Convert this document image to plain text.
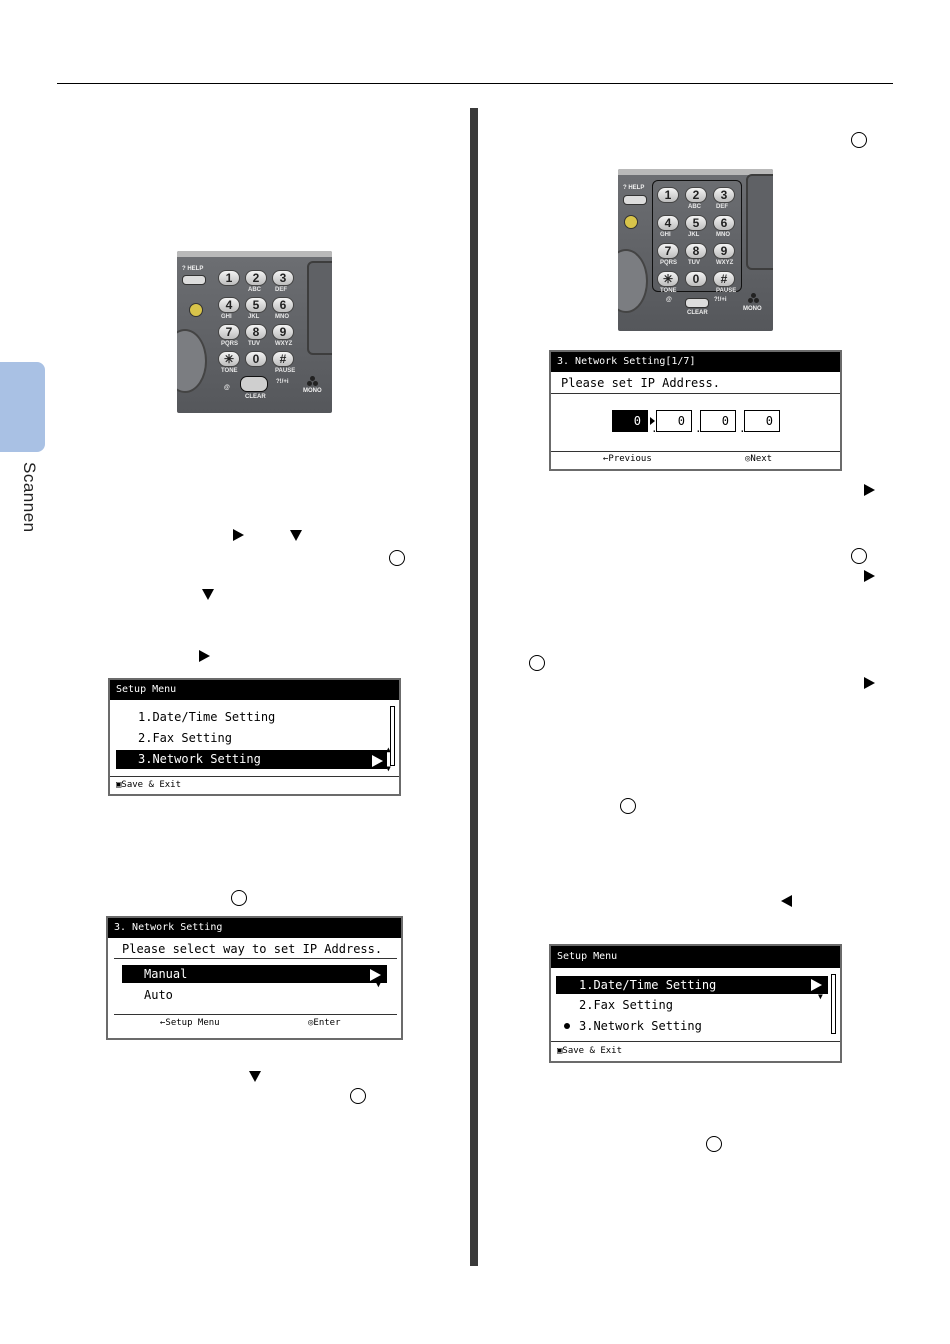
Scannen
? HELP
CLEAR
MONO
@
?!/+i
1	2
ABC
3
DEF
4
GHI
5
JKL
6
MNO
7
PQRS
8
TUV
9
WXYZ
✳
TONE
0	#
PAUSE
Setup Menu
1.Date/Time Setting
2.Fax Setting
3.Network Setting
▲
▼
▣Save & Exit
3. Network Setting
Please select way to set IP Address.
Manual
Auto
▼
←Setup Menu	◎Enter
? HELP
CLEAR
MONO
@	?!/+i
1	2
ABC
3
DEF
4
GHI
5
JKL
6
MNO
7
PQRS
8
TUV
9
WXYZ
✳
TONE
0	#
PAUSE
3. Network Setting[1/7]
Please set IP Address.
0	0	0	0
.	.	.
←Previous	◎Next
Setup Menu
1.Date/Time Setting
▼
2.Fax Setting
3.Network Setting
▣Save & Exit
